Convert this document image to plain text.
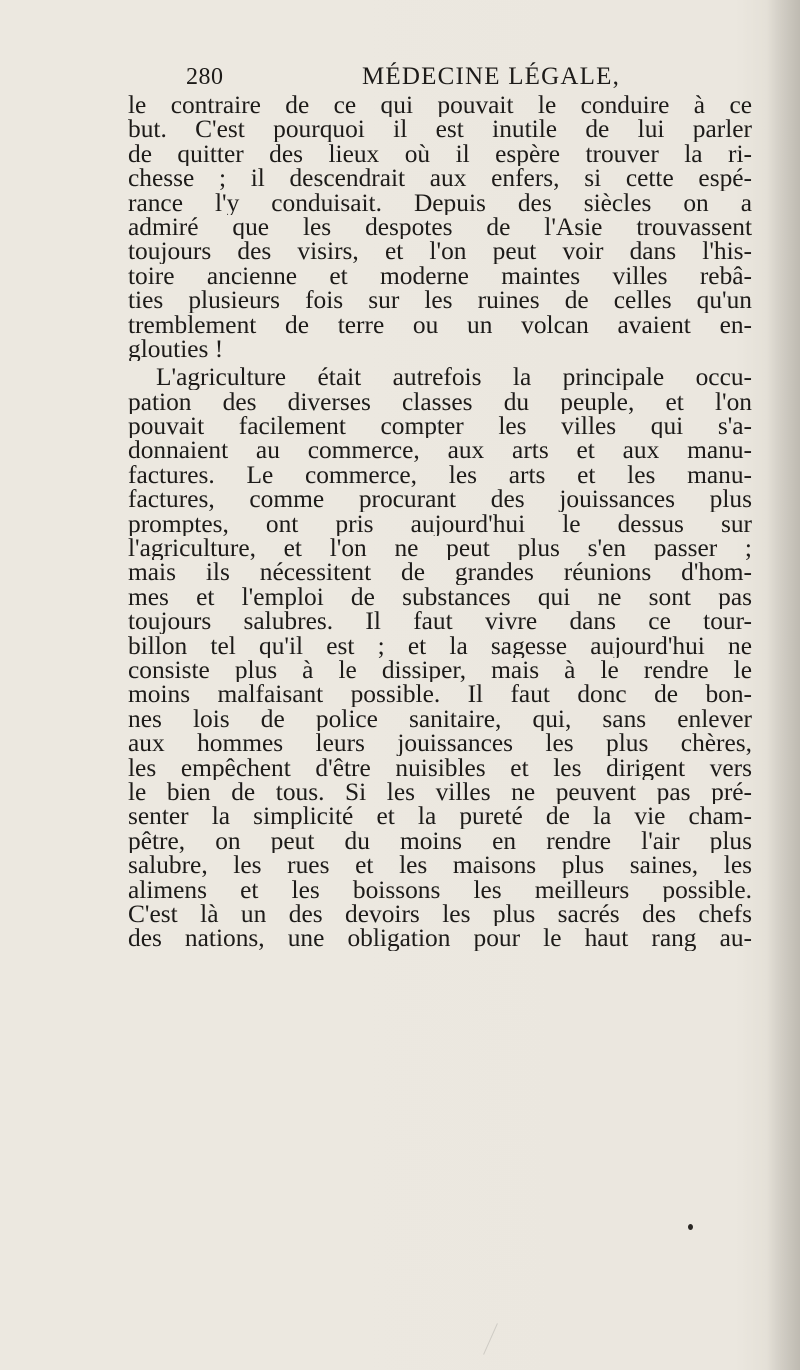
280	MÉDECINE LÉGALE,
le contraire de ce qui pouvait le conduire à ce
but. C'est pourquoi il est inutile de lui parler
de quitter des lieux où il espère trouver la ri-
chesse ; il descendrait aux enfers, si cette espé-
rance l'y conduisait. Depuis des siècles on a
admiré que les despotes de l'Asie trouvassent
toujours des visirs, et l'on peut voir dans l'his-
toire ancienne et moderne maintes villes rebâ-
ties plusieurs fois sur les ruines de celles qu'un
tremblement de terre ou un volcan avaient en-
glouties !
L'agriculture était autrefois la principale occu-
pation des diverses classes du peuple, et l'on
pouvait facilement compter les villes qui s'a-
donnaient au commerce, aux arts et aux manu-
factures. Le commerce, les arts et les manu-
factures, comme procurant des jouissances plus
promptes, ont pris aujourd'hui le dessus sur
l'agriculture, et l'on ne peut plus s'en passer ;
mais ils nécessitent de grandes réunions d'hom-
mes et l'emploi de substances qui ne sont pas
toujours salubres. Il faut vivre dans ce tour-
billon tel qu'il est ; et la sagesse aujourd'hui ne
consiste plus à le dissiper, mais à le rendre le
moins malfaisant possible. Il faut donc de bon-
nes lois de police sanitaire, qui, sans enlever
aux hommes leurs jouissances les plus chères,
les empêchent d'être nuisibles et les dirigent vers
le bien de tous. Si les villes ne peuvent pas pré-
senter la simplicité et la pureté de la vie cham-
pêtre, on peut du moins en rendre l'air plus
salubre, les rues et les maisons plus saines, les
alimens et les boissons les meilleurs possible.
C'est là un des devoirs les plus sacrés des chefs
des nations, une obligation pour le haut rang au-
